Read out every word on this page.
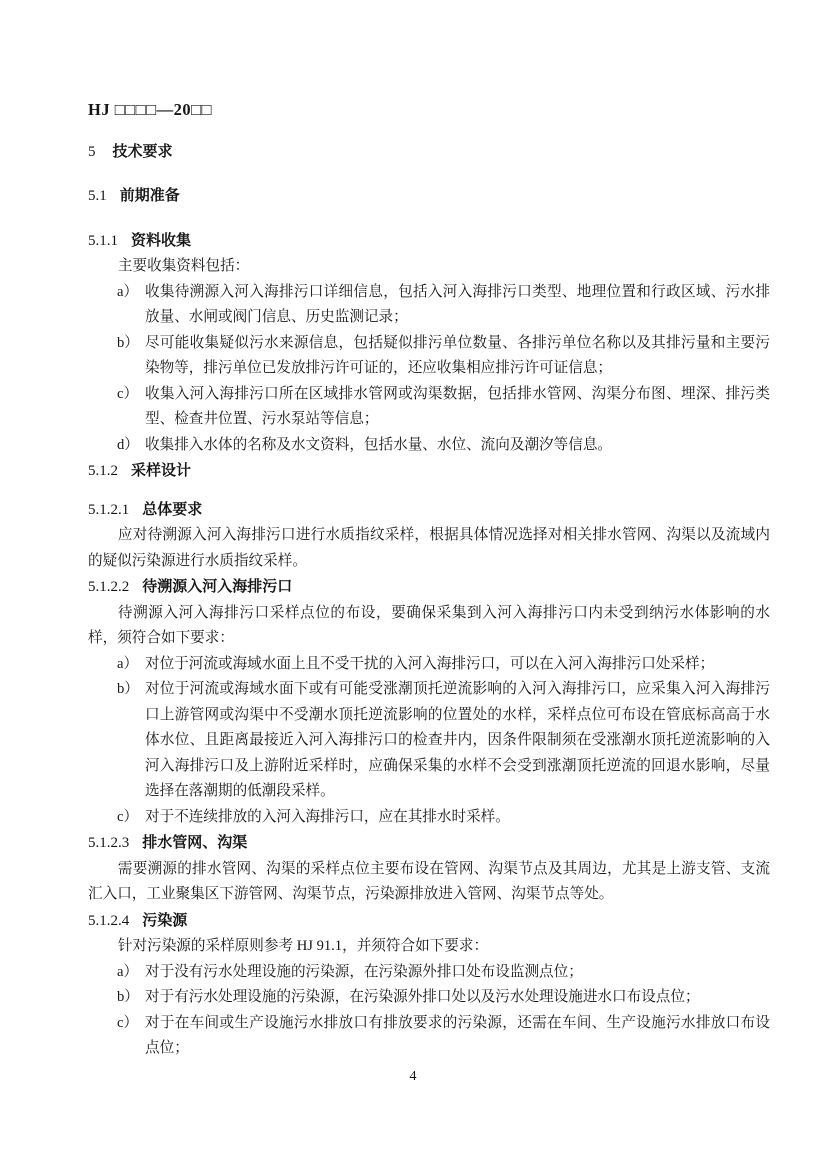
HJ □□□□—20□□

5 技术要求

5.1 前期准备

5.1.1 资料收集

主要收集资料包括：

a） 收集待溯源入河入海排污口详细信息，包括入河入海排污口类型、地理位置和行政区域、污水排放量、水闸或阀门信息、历史监测记录；
b） 尽可能收集疑似污水来源信息，包括疑似排污单位数量、各排污单位名称以及其排污量和主要污染物等，排污单位已发放排污许可证的，还应收集相应排污许可证信息；
c） 收集入河入海排污口所在区域排水管网或沟渠数据，包括排水管网、沟渠分布图、埋深、排污类型、检查井位置、污水泵站等信息；
d） 收集排入水体的名称及水文资料，包括水量、水位、流向及潮汐等信息。

5.1.2 采样设计

5.1.2.1 总体要求

应对待溯源入河入海排污口进行水质指纹采样，根据具体情况选择对相关排水管网、沟渠以及流域内的疑似污染源进行水质指纹采样。

5.1.2.2 待溯源入河入海排污口

待溯源入河入海排污口采样点位的布设，要确保采集到入河入海排污口内未受到纳污水体影响的水样，须符合如下要求：

a） 对位于河流或海域水面上且不受干扰的入河入海排污口，可以在入河入海排污口处采样；
b） 对位于河流或海域水面下或有可能受涨潮顶托逆流影响的入河入海排污口，应采集入河入海排污口上游管网或沟渠中不受潮水顶托逆流影响的位置处的水样，采样点位可布设在管底标高高于水体水位、且距离最接近入河入海排污口的检查井内，因条件限制须在受涨潮水顶托逆流影响的入河入海排污口及上游附近采样时，应确保采集的水样不会受到涨潮顶托逆流的回退水影响，尽量选择在落潮期的低潮段采样。
c） 对于不连续排放的入河入海排污口，应在其排水时采样。

5.1.2.3 排水管网、沟渠

需要溯源的排水管网、沟渠的采样点位主要布设在管网、沟渠节点及其周边，尤其是上游支管、支流汇入口，工业聚集区下游管网、沟渠节点，污染源排放进入管网、沟渠节点等处。

5.1.2.4 污染源

针对污染源的采样原则参考 HJ 91.1，并须符合如下要求：

a） 对于没有污水处理设施的污染源，在污染源外排口处布设监测点位；
b） 对于有污水处理设施的污染源，在污染源外排口处以及污水处理设施进水口布设点位；
c） 对于在车间或生产设施污水排放口有排放要求的污染源，还需在车间、生产设施污水排放口布设点位；
4
